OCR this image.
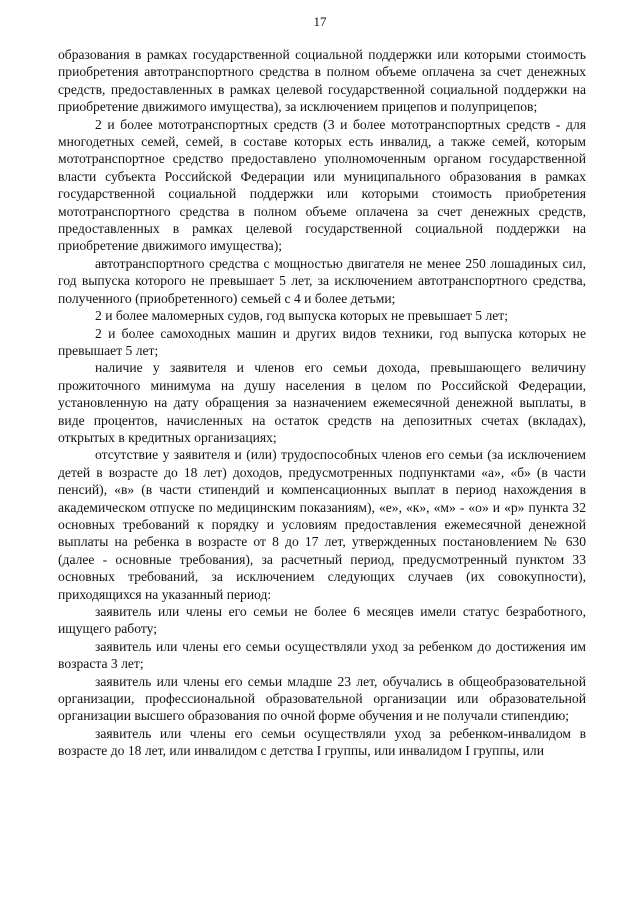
17

образования в рамках государственной социальной поддержки или которыми стоимость приобретения автотранспортного средства в полном объеме оплачена за счет денежных средств, предоставленных в рамках целевой государственной социальной поддержки на приобретение движимого имущества), за исключением прицепов и полуприцепов;

2 и более мототранспортных средств (3 и более мототранспортных средств - для многодетных семей, семей, в составе которых есть инвалид, а также семей, которым мототранспортное средство предоставлено уполномоченным органом государственной власти субъекта Российской Федерации или муниципального образования в рамках государственной социальной поддержки или которыми стоимость приобретения мототранспортного средства в полном объеме оплачена за счет денежных средств, предоставленных в рамках целевой государственной социальной поддержки на приобретение движимого имущества);

автотранспортного средства с мощностью двигателя не менее 250 лошадиных сил, год выпуска которого не превышает 5 лет, за исключением автотранспортного средства, полученного (приобретенного) семьей с 4 и более детьми;

2 и более маломерных судов, год выпуска которых не превышает 5 лет;

2 и более самоходных машин и других видов техники, год выпуска которых не превышает 5 лет;

наличие у заявителя и членов его семьи дохода, превышающего величину прожиточного минимума на душу населения в целом по Российской Федерации, установленную на дату обращения за назначением ежемесячной денежной выплаты, в виде процентов, начисленных на остаток средств на депозитных счетах (вкладах), открытых в кредитных организациях;

отсутствие у заявителя и (или) трудоспособных членов его семьи (за исключением детей в возрасте до 18 лет) доходов, предусмотренных подпунктами «а», «б» (в части пенсий), «в» (в части стипендий и компенсационных выплат в период нахождения в академическом отпуске по медицинским показаниям), «е», «к», «м» - «о» и «р» пункта 32 основных требований к порядку и условиям предоставления ежемесячной денежной выплаты на ребенка в возрасте от 8 до 17 лет, утвержденных постановлением № 630 (далее - основные требования), за расчетный период, предусмотренный пунктом 33 основных требований, за исключением следующих случаев (их совокупности), приходящихся на указанный период:

заявитель или члены его семьи не более 6 месяцев имели статус безработного, ищущего работу;

заявитель или члены его семьи осуществляли уход за ребенком до достижения им возраста 3 лет;

заявитель или члены его семьи младше 23 лет, обучались в общеобразовательной организации, профессиональной образовательной организации или образовательной организации высшего образования по очной форме обучения и не получали стипендию;

заявитель или члены его семьи осуществляли уход за ребенком-инвалидом в возрасте до 18 лет, или инвалидом с детства I группы, или инвалидом I группы, или
